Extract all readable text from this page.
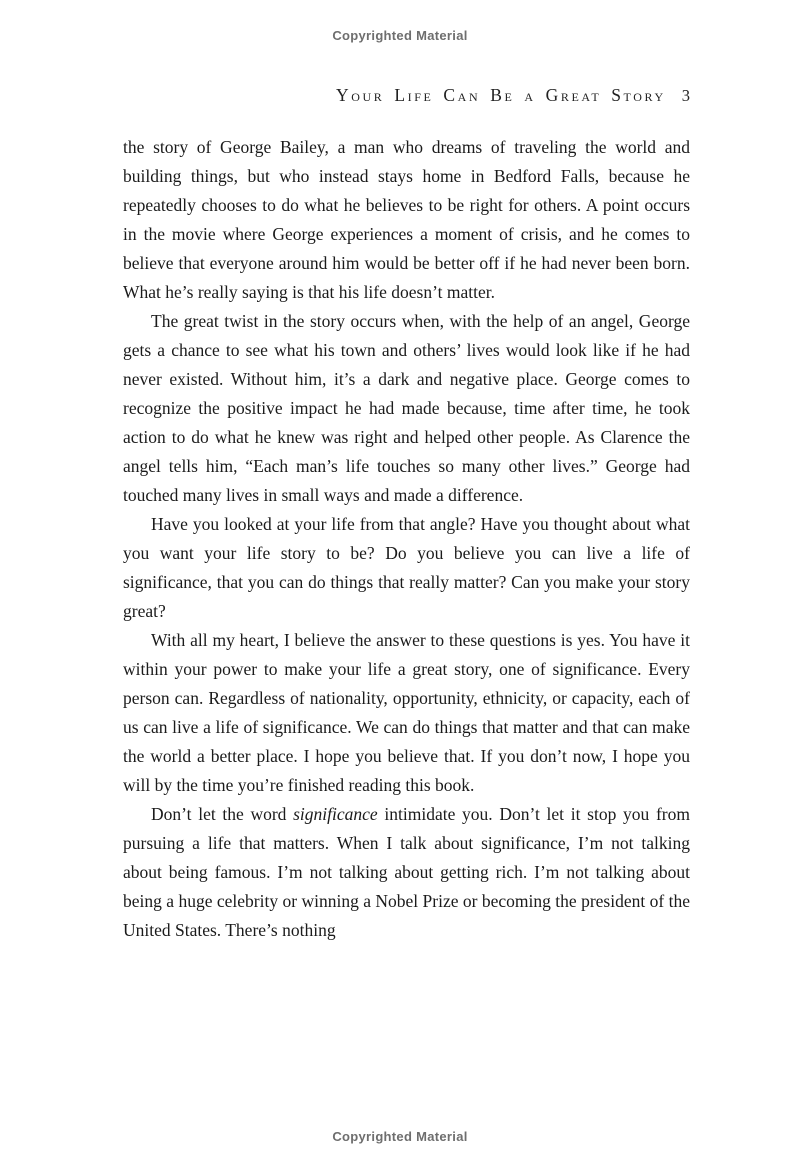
Copyrighted Material
Your Life Can Be a Great Story 3

the story of George Bailey, a man who dreams of traveling the world and building things, but who instead stays home in Bedford Falls, because he repeatedly chooses to do what he believes to be right for others. A point occurs in the movie where George experiences a moment of crisis, and he comes to believe that everyone around him would be better off if he had never been born. What he’s really saying is that his life doesn’t matter.

The great twist in the story occurs when, with the help of an angel, George gets a chance to see what his town and others’ lives would look like if he had never existed. Without him, it’s a dark and negative place. George comes to recognize the positive impact he had made because, time after time, he took action to do what he knew was right and helped other people. As Clarence the angel tells him, “Each man’s life touches so many other lives.” George had touched many lives in small ways and made a difference.

Have you looked at your life from that angle? Have you thought about what you want your life story to be? Do you believe you can live a life of significance, that you can do things that really matter? Can you make your story great?

With all my heart, I believe the answer to these questions is yes. You have it within your power to make your life a great story, one of significance. Every person can. Regardless of nationality, opportunity, ethnicity, or capacity, each of us can live a life of significance. We can do things that matter and that can make the world a better place. I hope you believe that. If you don’t now, I hope you will by the time you’re finished reading this book.

Don’t let the word significance intimidate you. Don’t let it stop you from pursuing a life that matters. When I talk about significance, I’m not talking about being famous. I’m not talking about getting rich. I’m not talking about being a huge celebrity or winning a Nobel Prize or becoming the president of the United States. There’s nothing

Copyrighted Material
